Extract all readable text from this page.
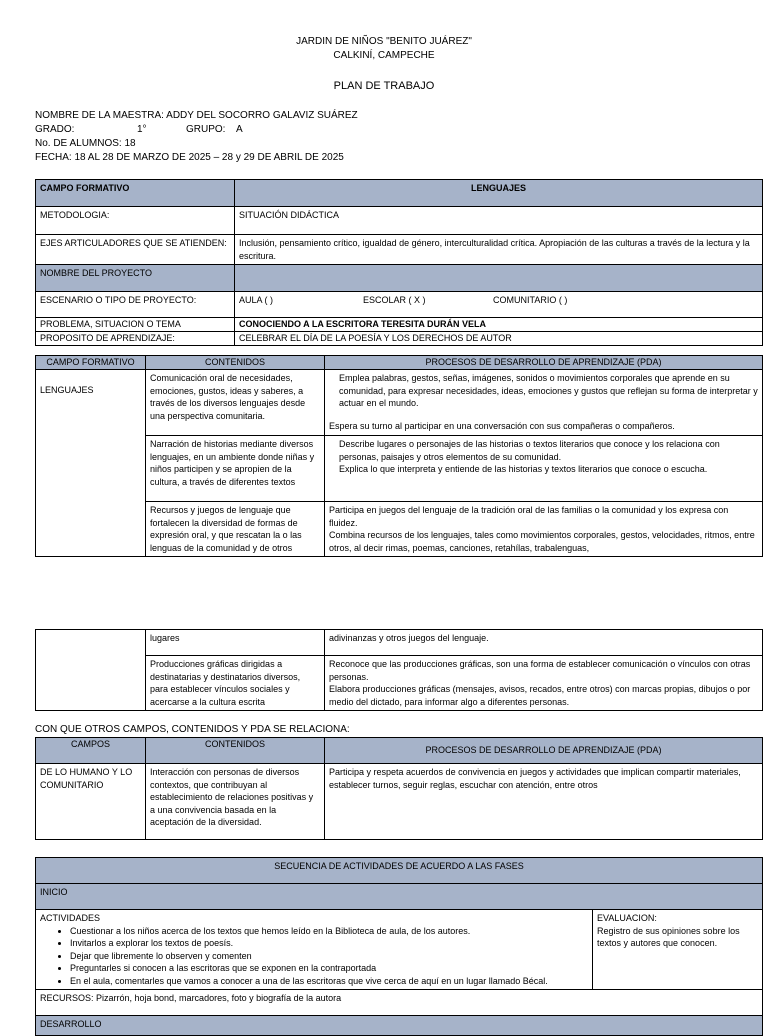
JARDIN DE NIÑOS "BENITO JUÁREZ"
CALKINÍ, CAMPECHE
PLAN DE TRABAJO
NOMBRE DE LA MAESTRA: ADDY DEL SOCORRO GALAVIZ SUÁREZ
GRADO:	1°	GRUPO: A
No. DE ALUMNOS: 18
FECHA: 18 AL 28 DE MARZO DE 2025 – 28 y 29 DE ABRIL DE 2025
CAMPO FORMATIVO	LENGUAJES
METODOLOGIA:	SITUACIÓN DIDÁCTICA
EJES ARTICULADORES QUE SE ATIENDEN:	Inclusión, pensamiento crítico, igualdad de género, interculturalidad crítica. Apropiación de las culturas a través de la lectura y la escritura.
NOMBRE DEL PROYECTO	
ESCENARIO O TIPO DE PROYECTO:	AULA ( ) ESCOLAR ( X ) COMUNITARIO ( )

PROBLEMA, SITUACION O TEMA	CONOCIENDO A LA ESCRITORA TERESITA DURÁN VELA
PROPOSITO DE APRENDIZAJE:	CELEBRAR EL DÍA DE LA POESÍA Y LOS DERECHOS DE AUTOR
CAMPO FORMATIVO	CONTENIDOS	PROCESOS DE DESARROLLO DE APRENDIZAJE (PDA)
LENGUAJES	Comunicación oral de necesidades, emociones, gustos, ideas y saberes, a través de los diversos lenguajes desde una perspectiva comunitaria.	Emplea palabras, gestos, señas, imágenes, sonidos o movimientos corporales que aprende en su comunidad, para expresar necesidades, ideas, emociones y gustos que reflejan su forma de interpretar y actuar en el mundo.
Espera su turno al participar en una conversación con sus compañeras o compañeros.

	Narración de historias mediante diversos lenguajes, en un ambiente donde niñas y niños participen y se apropien de la cultura, a través de diferentes textos	Describe lugares o personajes de las historias o textos literarios que conoce y los relaciona con personas, paisajes y otros elementos de su comunidad.
Explica lo que interpreta y entiende de las historias y textos literarios que conoce o escucha.

	Recursos y juegos de lenguaje que fortalecen la diversidad de formas de expresión oral, y que rescatan la o las lenguas de la comunidad y de otros	Participa en juegos del lenguaje de la tradición oral de las familias o la comunidad y los expresa con fluidez.
Combina recursos de los lenguajes, tales como movimientos corporales, gestos, velocidades, ritmos, entre otros, al decir rimas, poemas, canciones, retahílas, trabalenguas,
	lugares	adivinanzas y otros juegos del lenguaje.
	Producciones gráficas dirigidas a destinatarias y destinatarios diversos, para establecer vínculos sociales y acercarse a la cultura escrita	Reconoce que las producciones gráficas, son una forma de establecer comunicación o vínculos con otras personas.
Elabora producciones gráficas (mensajes, avisos, recados, entre otros) con marcas propias, dibujos o por medio del dictado, para informar algo a diferentes personas.
CON QUE OTROS CAMPOS, CONTENIDOS Y PDA SE RELACIONA:
CAMPOS	CONTENIDOS	PROCESOS DE DESARROLLO DE APRENDIZAJE (PDA)
DE LO HUMANO Y LO COMUNITARIO	Interacción con personas de diversos contextos, que contribuyan al establecimiento de relaciones positivas y a una convivencia basada en la aceptación de la diversidad.	Participa y respeta acuerdos de convivencia en juegos y actividades que implican compartir materiales, establecer turnos, seguir reglas, escuchar con atención, entre otros
SECUENCIA DE ACTIVIDADES DE ACUERDO A LAS FASES
INICIO

ACTIVIDADES
• Cuestionar a los niños acerca de los textos que hemos leído en la Biblioteca de aula, de los autores.
• Invitarlos a explorar los textos de poesís.
• Dejar que libremente lo observen y comenten
• Preguntarles si conocen a las escritoras que se exponen en la contraportada
• En el aula, comentarles que vamos a conocer a una de las escritoras que vive cerca de aquí en un lugar llamado Bécal.

EVALUACION:
Registro de sus opiniones sobre los textos y autores que conocen.

RECURSOS: Pizarrón, hoja bond, marcadores, foto y biografía de la autora
DESARROLLO
